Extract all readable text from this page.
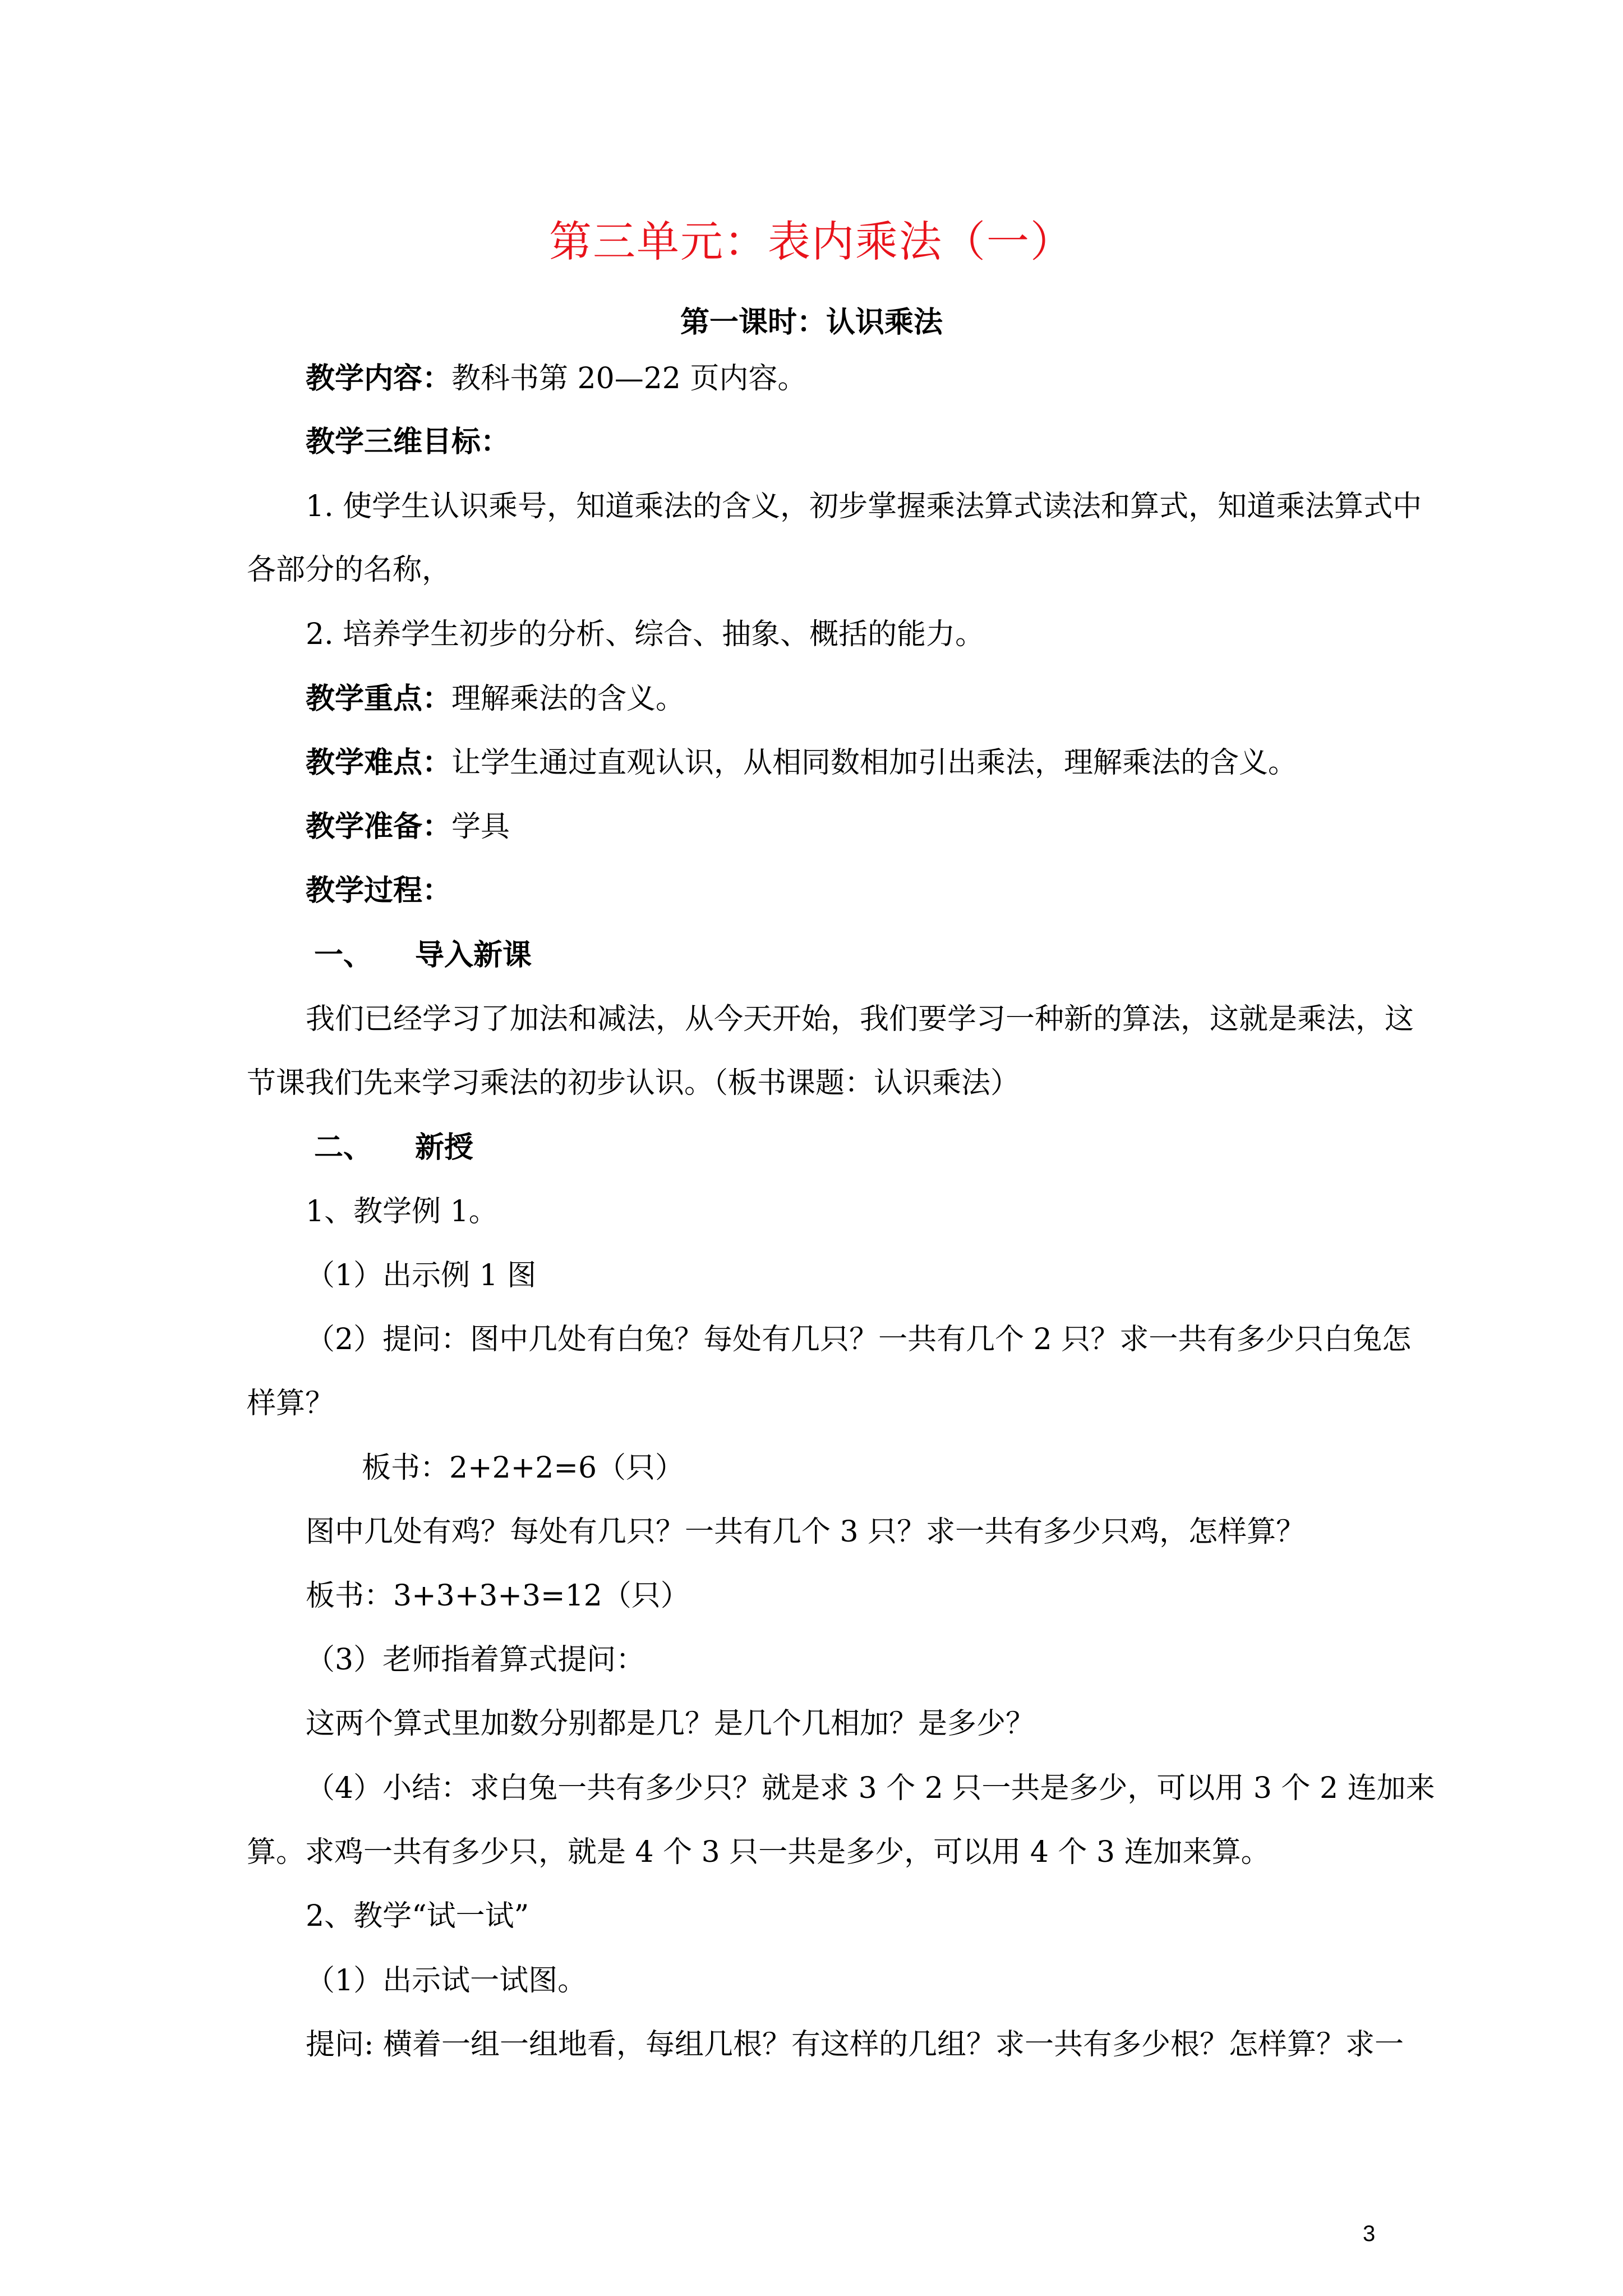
第三单元：表内乘法（一）
第一课时：认识乘法
教学内容：教科书第 20—22 页内容。
教学三维目标：
1. 使学生认识乘号，知道乘法的含义，初步掌握乘法算式读法和算式，知道乘法算式中
各部分的名称，
2. 培养学生初步的分析、综合、抽象、概括的能力。
教学重点：理解乘法的含义。
教学难点：让学生通过直观认识，从相同数相加引出乘法，理解乘法的含义。
教学准备：学具
教学过程：
一、 导入新课
我们已经学习了加法和减法，从今天开始，我们要学习一种新的算法，这就是乘法，这
节课我们先来学习乘法的初步认识。（板书课题：认识乘法）
二、 新授
1、教学例 1。
（1）出示例 1 图
（2）提问：图中几处有白兔？每处有几只？一共有几个 2 只？求一共有多少只白兔怎
样算？
板书：2+2+2=6（只）
图中几处有鸡？每处有几只？一共有几个 3 只？求一共有多少只鸡，怎样算？
板书：3+3+3+3=12（只）
（3）老师指着算式提问：
这两个算式里加数分别都是几？是几个几相加？是多少？
（4）小结：求白兔一共有多少只？就是求 3 个 2 只一共是多少，可以用 3 个 2 连加来
算。求鸡一共有多少只，就是 4 个 3 只一共是多少，可以用 4 个 3 连加来算。
2、教学“试一试”
（1）出示试一试图。
提问: 横着一组一组地看，每组几根？有这样的几组？求一共有多少根？怎样算？求一
3
